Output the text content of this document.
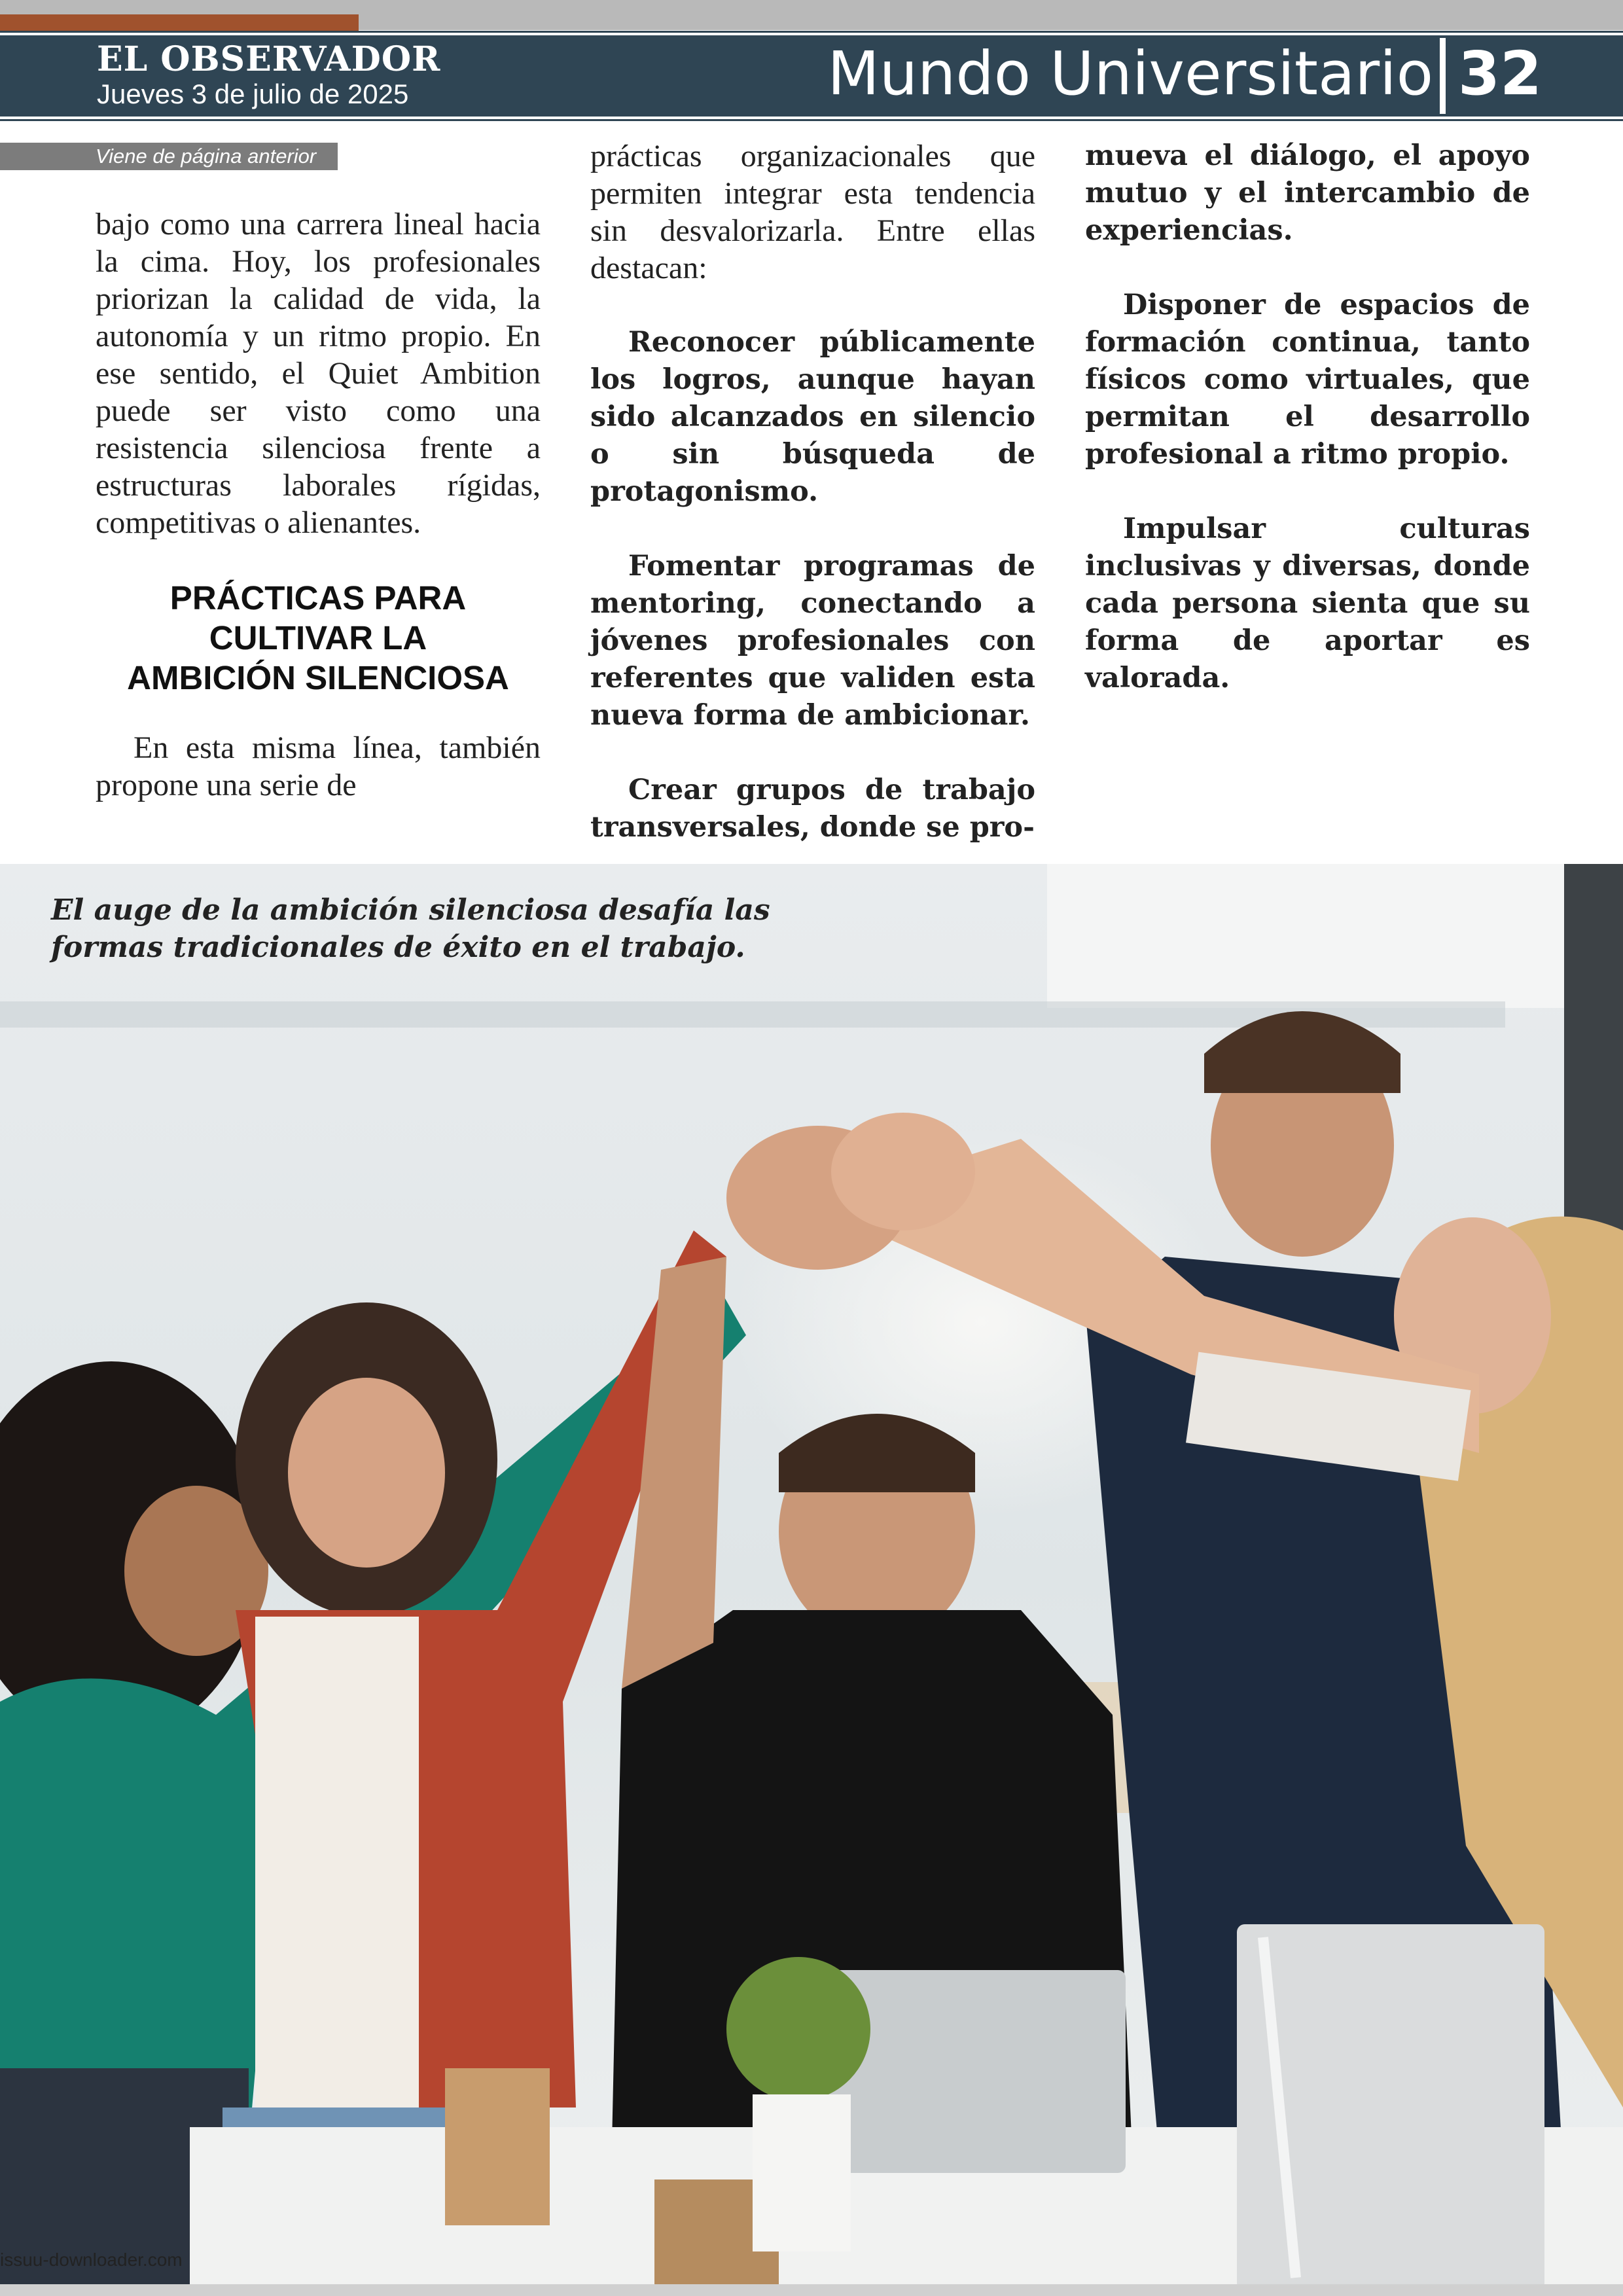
EL OBSERVADOR
Jueves 3 de julio de 2025	Mundo Universitario 32
Viene de página anterior

bajo como una carrera lineal hacia la cima. Hoy, los profesionales priorizan la calidad de vida, la autonomía y un ritmo propio. En ese sentido, el Quiet Ambition puede ser visto como una resistencia silenciosa frente a estructuras laborales rígidas, competitivas o alienantes.

PRÁCTICAS PARA
CULTIVAR LA
AMBICIÓN SILENCIOSA

En esta misma línea, también propone una serie de

prácticas organizacionales que permiten integrar esta tendencia sin desvalorizarla. Entre ellas destacan:

Reconocer públicamente los logros, aunque hayan sido alcanzados en silencio o sin búsqueda de protagonismo.

Fomentar programas de mentoring, conectando a jóvenes profesionales con referentes que validen esta nueva forma de ambicionar.

Crear grupos de trabajo transversales, donde se pro-

mueva el diálogo, el apoyo mutuo y el intercambio de experiencias.

Disponer de espacios de formación continua, tanto físicos como virtuales, que permitan el desarrollo profesional a ritmo propio.

Impulsar culturas inclusivas y diversas, donde cada persona sienta que su forma de aportar es valorada.

El auge de la ambición silenciosa desafía las
formas tradicionales de éxito en el trabajo.
issuu-downloader.com
